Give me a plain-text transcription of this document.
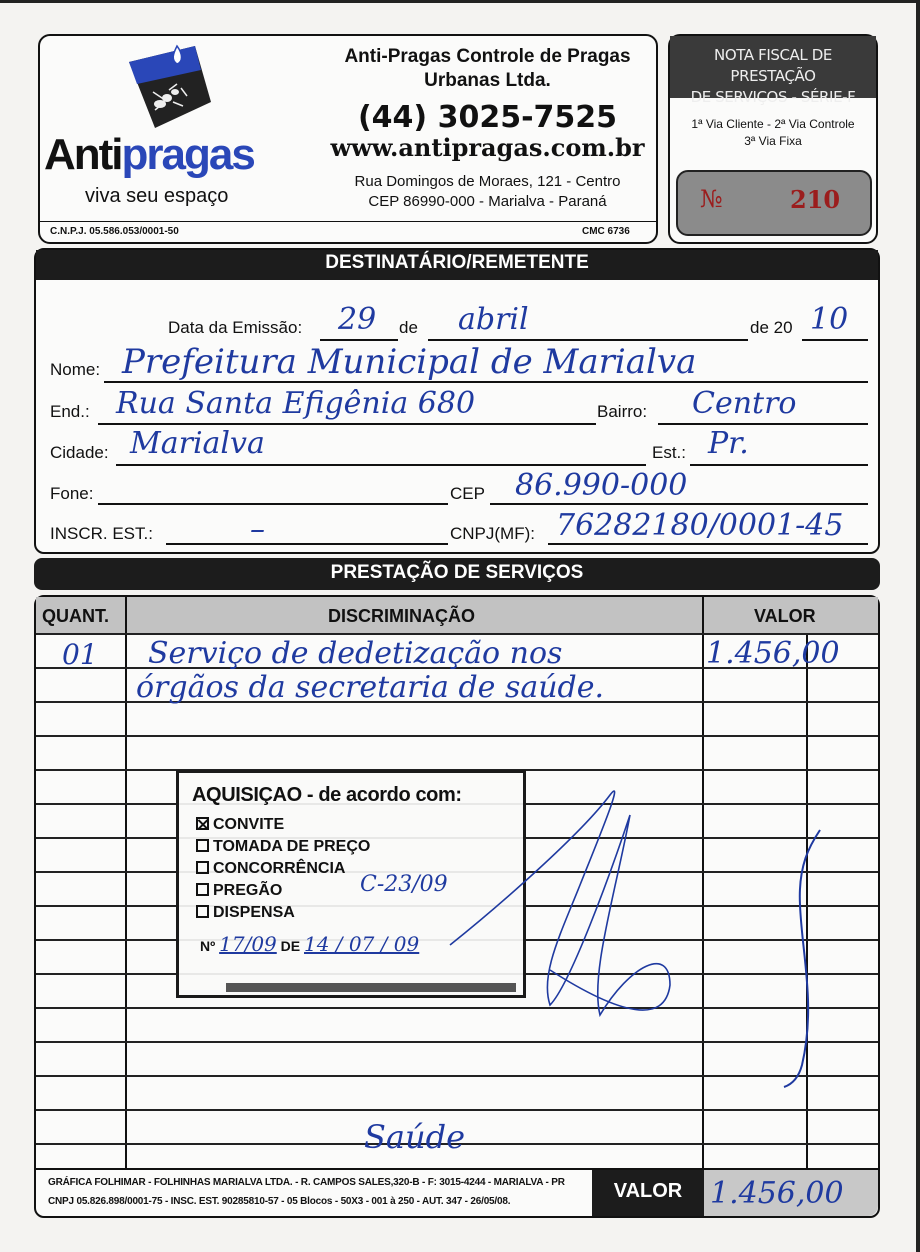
Antipragas
viva seu espaço
Anti-Pragas Controle de Pragas
Urbanas Ltda.
(44) 3025-7525
www.antipragas.com.br
Rua Domingos de Moraes, 121 - Centro
CEP 86990-000 - Marialva - Paraná
C.N.P.J. 05.586.053/0001-50	CMC 6736
NOTA FISCAL DE PRESTAÇÃO
DE SERVIÇOS - SÉRIE-F
1ª Via Cliente - 2ª Via Controle
3ª Via Fixa
№	210
DESTINATÁRIO/REMETENTE
Data da Emissão: 29 de abril	de 20 10
Nome: Prefeitura Municipal de Marialva
End.: Rua Santa Efigênia 680	Bairro: Centro
Cidade: Marialva	Est.: Pr.
Fone:	CEP 86.990-000
INSCR. EST.:	–	CNPJ(MF): 76282180/0001-45
PRESTAÇÃO DE SERVIÇOS
QUANT.	DISCRIMINAÇÃO	VALOR
01 Serviço de dedetização nos	1.456,00
órgãos da secretaria de saúde.
Saúde
AQUISIÇAO - de acordo com:
CONVITE
TOMADA DE PREÇO
CONCORRÊNCIA
PREGÃO
DISPENSA
C-23/09
Nº 17/09 DE 14 / 07 / 09
GRÁFICA FOLHIMAR - FOLHINHAS MARIALVA LTDA. - R. CAMPOS SALES,320-B - F: 3015-4244 - MARIALVA - PR
CNPJ 05.826.898/0001-75 - INSC. EST. 90285810-57 - 05 Blocos - 50X3 - 001 à 250 - AUT. 347 - 26/05/08.	VALOR 1.456,00
